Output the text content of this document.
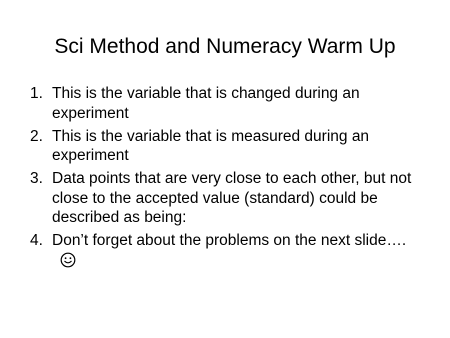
Sci Method and Numeracy Warm Up
1. This is the variable that is changed during an experiment
2. This is the variable that is measured during an experiment
3. Data points that are very close to each other, but not close to the accepted value (standard) could be described as being:
4. Don’t forget about the problems on the next slide….
